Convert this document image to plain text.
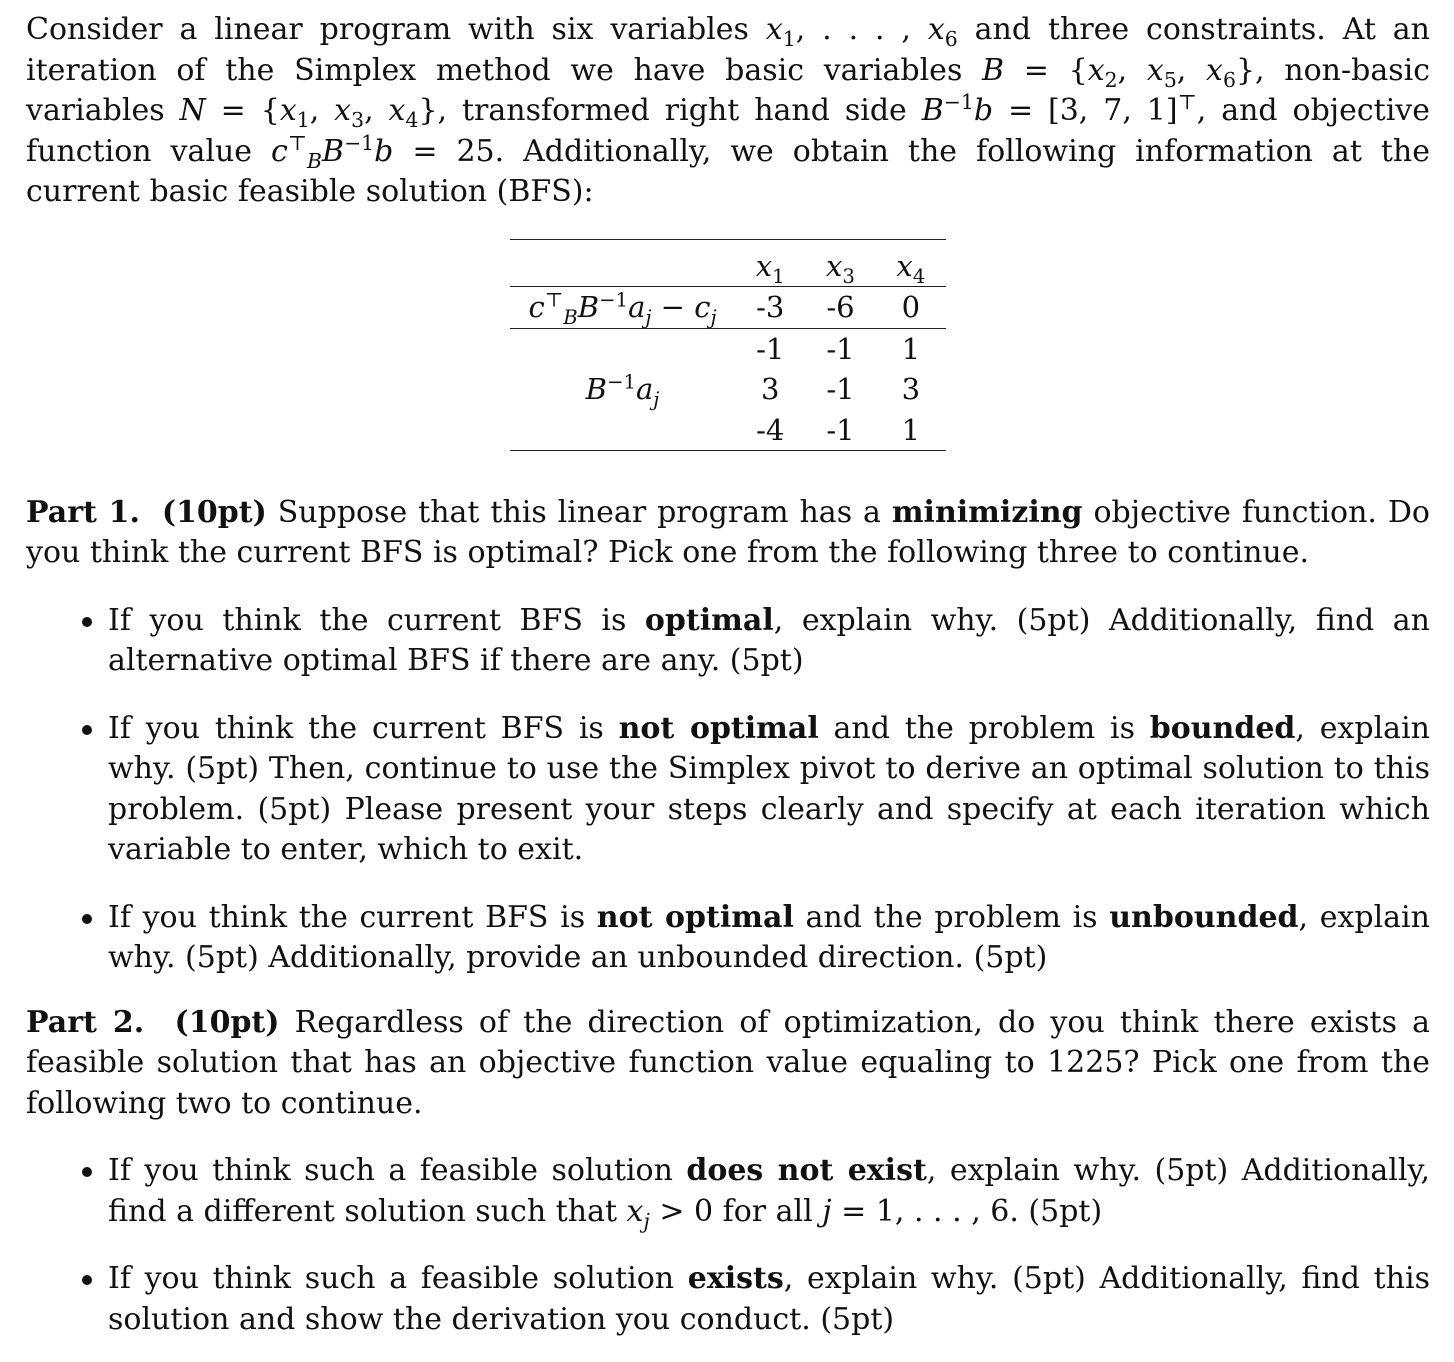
Consider a linear program with six variables $x_1$, . . . , $x_6$ and three constraints. At an iteration of the Simplex method we have basic variables $B = \{x_2$, $x_5$, $x_6$}, non-basic variables $N = \{x_1$, $x_3$, $x_4$}, transformed right hand side $B^{-1}b = [3$, 7, 1]⊤, and objective function value $c^⊤_BB^{-1}b = 25$. Additionally, we obtain the following information at the current basic feasible solution (BFS):

	$x_1$	$x_3$	$x_4$
$c^⊤_BB^{-1}a_j - c_j$	-3	-6	0
	-1	-1	1
$B^{-1}a_j$	3	-1	3
	-4	-1	1

Part 1. (10pt) Suppose that this linear program has a minimizing objective function. Do you think the current BFS is optimal? Pick one from the following three to continue.

If you think the current BFS is optimal, explain why. (5pt) Additionally, find an alternative optimal BFS if there are any. (5pt)

If you think the current BFS is not optimal and the problem is bounded, explain why. (5pt) Then, continue to use the Simplex pivot to derive an optimal solution to this problem. (5pt) Please present your steps clearly and specify at each iteration which variable to enter, which to exit.

If you think the current BFS is not optimal and the problem is unbounded, explain why. (5pt) Additionally, provide an unbounded direction. (5pt)

Part 2. (10pt) Regardless of the direction of optimization, do you think there exists a feasible solution that has an objective function value equaling to 1225? Pick one from the following two to continue.

If you think such a feasible solution does not exist, explain why. (5pt) Additionally, find a different solution such that $x_j > 0$ for all j = 1, . . . , 6. (5pt)

If you think such a feasible solution exists, explain why. (5pt) Additionally, find this solution and show the derivation you conduct. (5pt)
